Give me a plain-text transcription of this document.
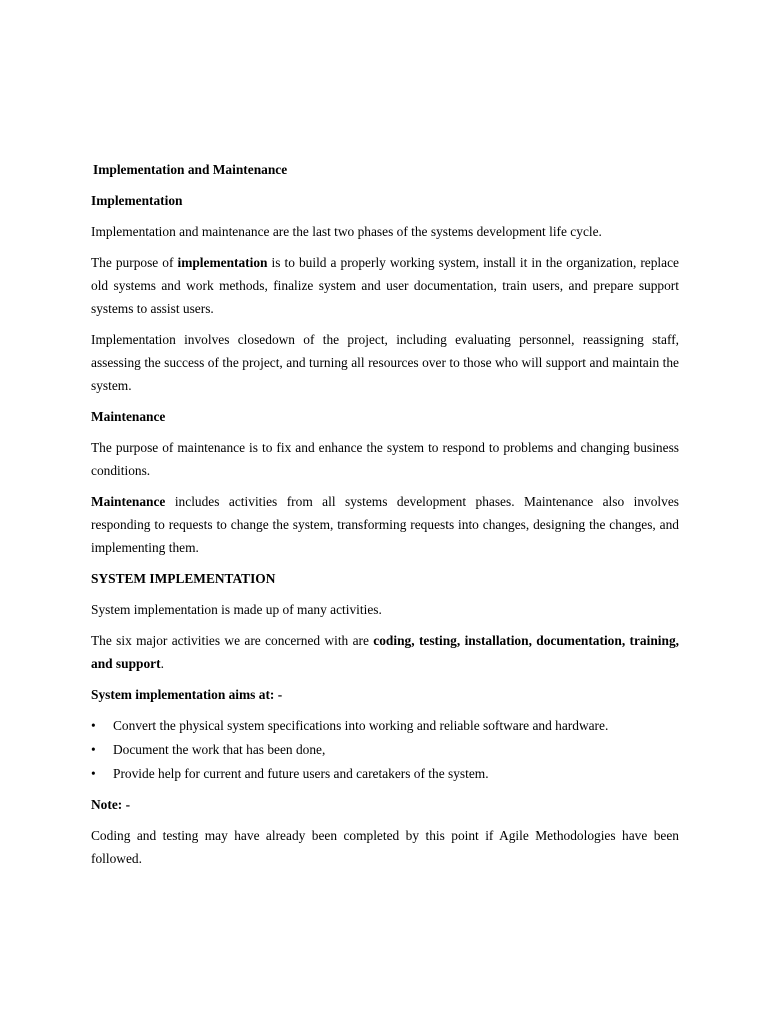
Implementation and Maintenance
Implementation

Implementation and maintenance are the last two phases of the systems development life cycle.

The purpose of implementation is to build a properly working system, install it in the organization, replace old systems and work methods, finalize system and user documentation, train users, and prepare support systems to assist users.

Implementation involves closedown of the project, including evaluating personnel, reassigning staff, assessing the success of the project, and turning all resources over to those who will support and maintain the system.

Maintenance

The purpose of maintenance is to fix and enhance the system to respond to problems and changing business conditions.

Maintenance includes activities from all systems development phases. Maintenance also involves responding to requests to change the system, transforming requests into changes, designing the changes, and implementing them.

SYSTEM IMPLEMENTATION

System implementation is made up of many activities.

The six major activities we are concerned with are coding, testing, installation, documentation, training, and support.

System implementation aims at: -
• Convert the physical system specifications into working and reliable software and hardware.
• Document the work that has been done,
• Provide help for current and future users and caretakers of the system.
Note: -

Coding and testing may have already been completed by this point if Agile Methodologies have been followed.
